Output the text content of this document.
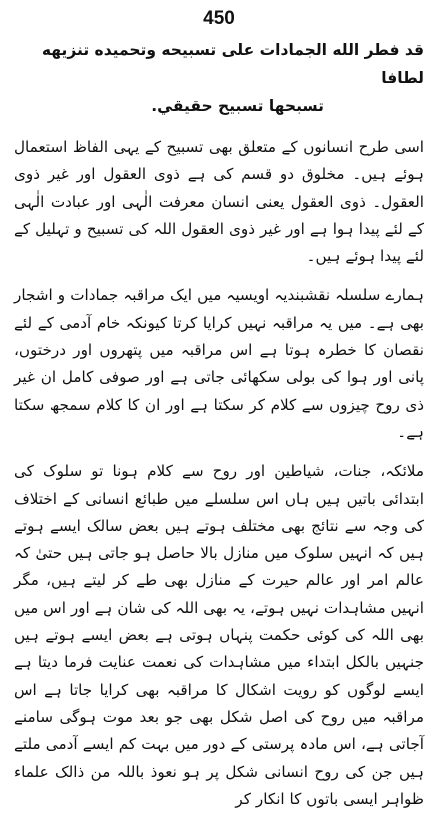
450
قد فطر الله الجمادات على تسبيحه وتحميده تنزيهه لطافا
تسبحها تسبيح حقيقي.

اسی طرح انسانوں کے متعلق بھی تسبیح کے یہی الفاظ استعمال ہوئے ہیں۔ مخلوق دو قسم کی ہے ذوی العقول اور غیر ذوی العقول۔ ذوی العقول یعنی انسان معرفت الٰہی اور عبادت الٰہی کے لئے پیدا ہوا ہے اور غیر ذوی العقول اللہ کی تسبیح و تہلیل کے لئے پیدا ہوئے ہیں۔

ہمارے سلسلہ نقشبندیہ اویسیہ میں ایک مراقبہ جمادات و اشجار بھی ہے۔ میں یہ مراقبہ نہیں کرایا کرتا کیونکہ خام آدمی کے لئے نقصان کا خطرہ ہوتا ہے اس مراقبہ میں پتھروں اور درختوں، پانی اور ہوا کی بولی سکھائی جاتی ہے اور صوفی کامل ان غیر ذی روح چیزوں سے کلام کر سکتا ہے اور ان کا کلام سمجھ سکتا ہے۔

ملائکہ، جنات، شیاطین اور روح سے کلام ہونا تو سلوک کی ابتدائی باتیں ہیں ہاں اس سلسلے میں طبائع انسانی کے اختلاف کی وجہ سے نتائج بھی مختلف ہوتے ہیں بعض سالک ایسے ہوتے ہیں کہ انہیں سلوک میں منازل بالا حاصل ہو جاتی ہیں حتیٰ کہ عالم امر اور عالم حیرت کے منازل بھی طے کر لیتے ہیں، مگر انہیں مشاہدات نہیں ہوتے، یہ بھی اللہ کی شان ہے اور اس میں بھی اللہ کی کوئی حکمت پنہاں ہوتی ہے بعض ایسے ہوتے ہیں جنہیں بالکل ابتداء میں مشاہدات کی نعمت عنایت فرما دیتا ہے ایسے لوگوں کو رویت اشکال کا مراقبہ بھی کرایا جاتا ہے اس مراقبہ میں روح کی اصل شکل بھی جو بعد موت ہوگی سامنے آجاتی ہے، اس مادہ پرستی کے دور میں بہت کم ایسے آدمی ملتے ہیں جن کی روح انسانی شکل پر ہو نعوذ باللہ من ذالک علماء ظواہر ایسی باتوں کا انکار کر
